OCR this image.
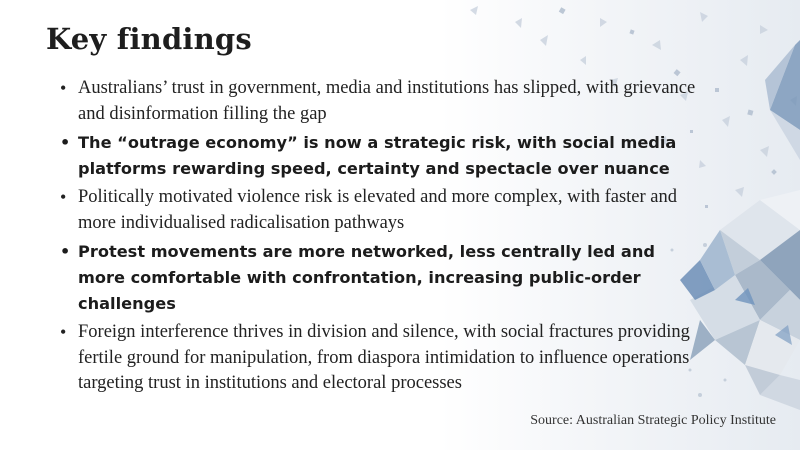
Key findings
• Australians’ trust in government, media and institutions has slipped, with grievance and disinformation filling the gap
• The “outrage economy” is now a strategic risk, with social media platforms rewarding speed, certainty and spectacle over nuance
• Politically motivated violence risk is elevated and more complex, with faster and more individualised radicalisation pathways
• Protest movements are more networked, less centrally led and more comfortable with confrontation, increasing public-order challenges
• Foreign interference thrives in division and silence, with social fractures providing fertile ground for manipulation, from diaspora intimidation to influence operations targeting trust in institutions and electoral processes
Source: Australian Strategic Policy Institute
